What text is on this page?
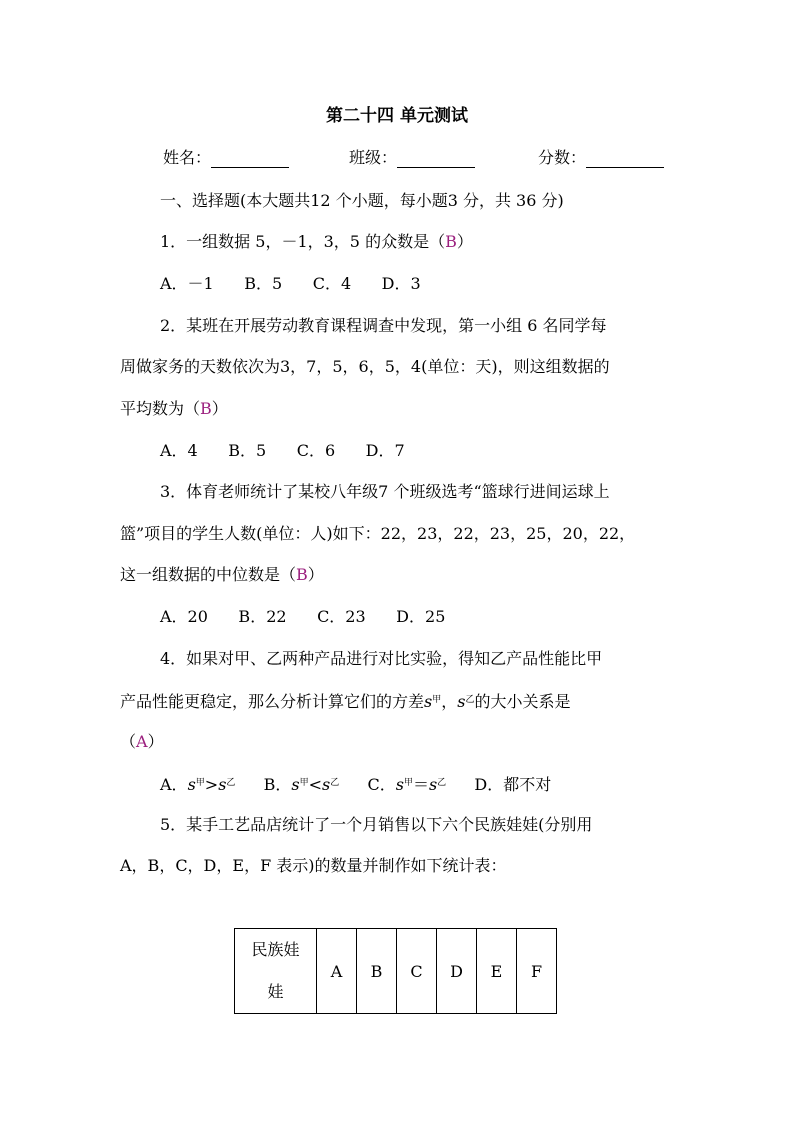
第二十四 单元测试
姓名：	班级：	分数：
一、选择题(本大题共12 个小题，每小题3 分，共 36 分)
1．一组数据 5，－1，3，5 的众数是（B）
A．－1      B．5      C．4      D．3
2．某班在开展劳动教育课程调查中发现，第一小组 6 名同学每
周做家务的天数依次为3，7，5，6，5，4(单位：天)，则这组数据的
平均数为（B）
A．4      B．5      C．6      D．7
3．体育老师统计了某校八年级7 个班级选考“篮球行进间运球上
篮”项目的学生人数(单位：人)如下：22，23，22，23，25，20，22，
这一组数据的中位数是（B）
A．20      B．22      C．23      D．25
4．如果对甲、乙两种产品进行对比实验，得知乙产品性能比甲
产品性能更稳定，那么分析计算它们的方差$s^甲$，$s^乙$的大小关系是
（A）
A．$s^甲>s^乙$ B．$s^甲<s^乙$ C．$s^甲=s^乙$ D．都不对
5．某手工艺品店统计了一个月销售以下六个民族娃娃(分别用
A，B，C，D，E，F 表示)的数量并制作如下统计表：
民族娃
娃	A	B	C	D	E	F
